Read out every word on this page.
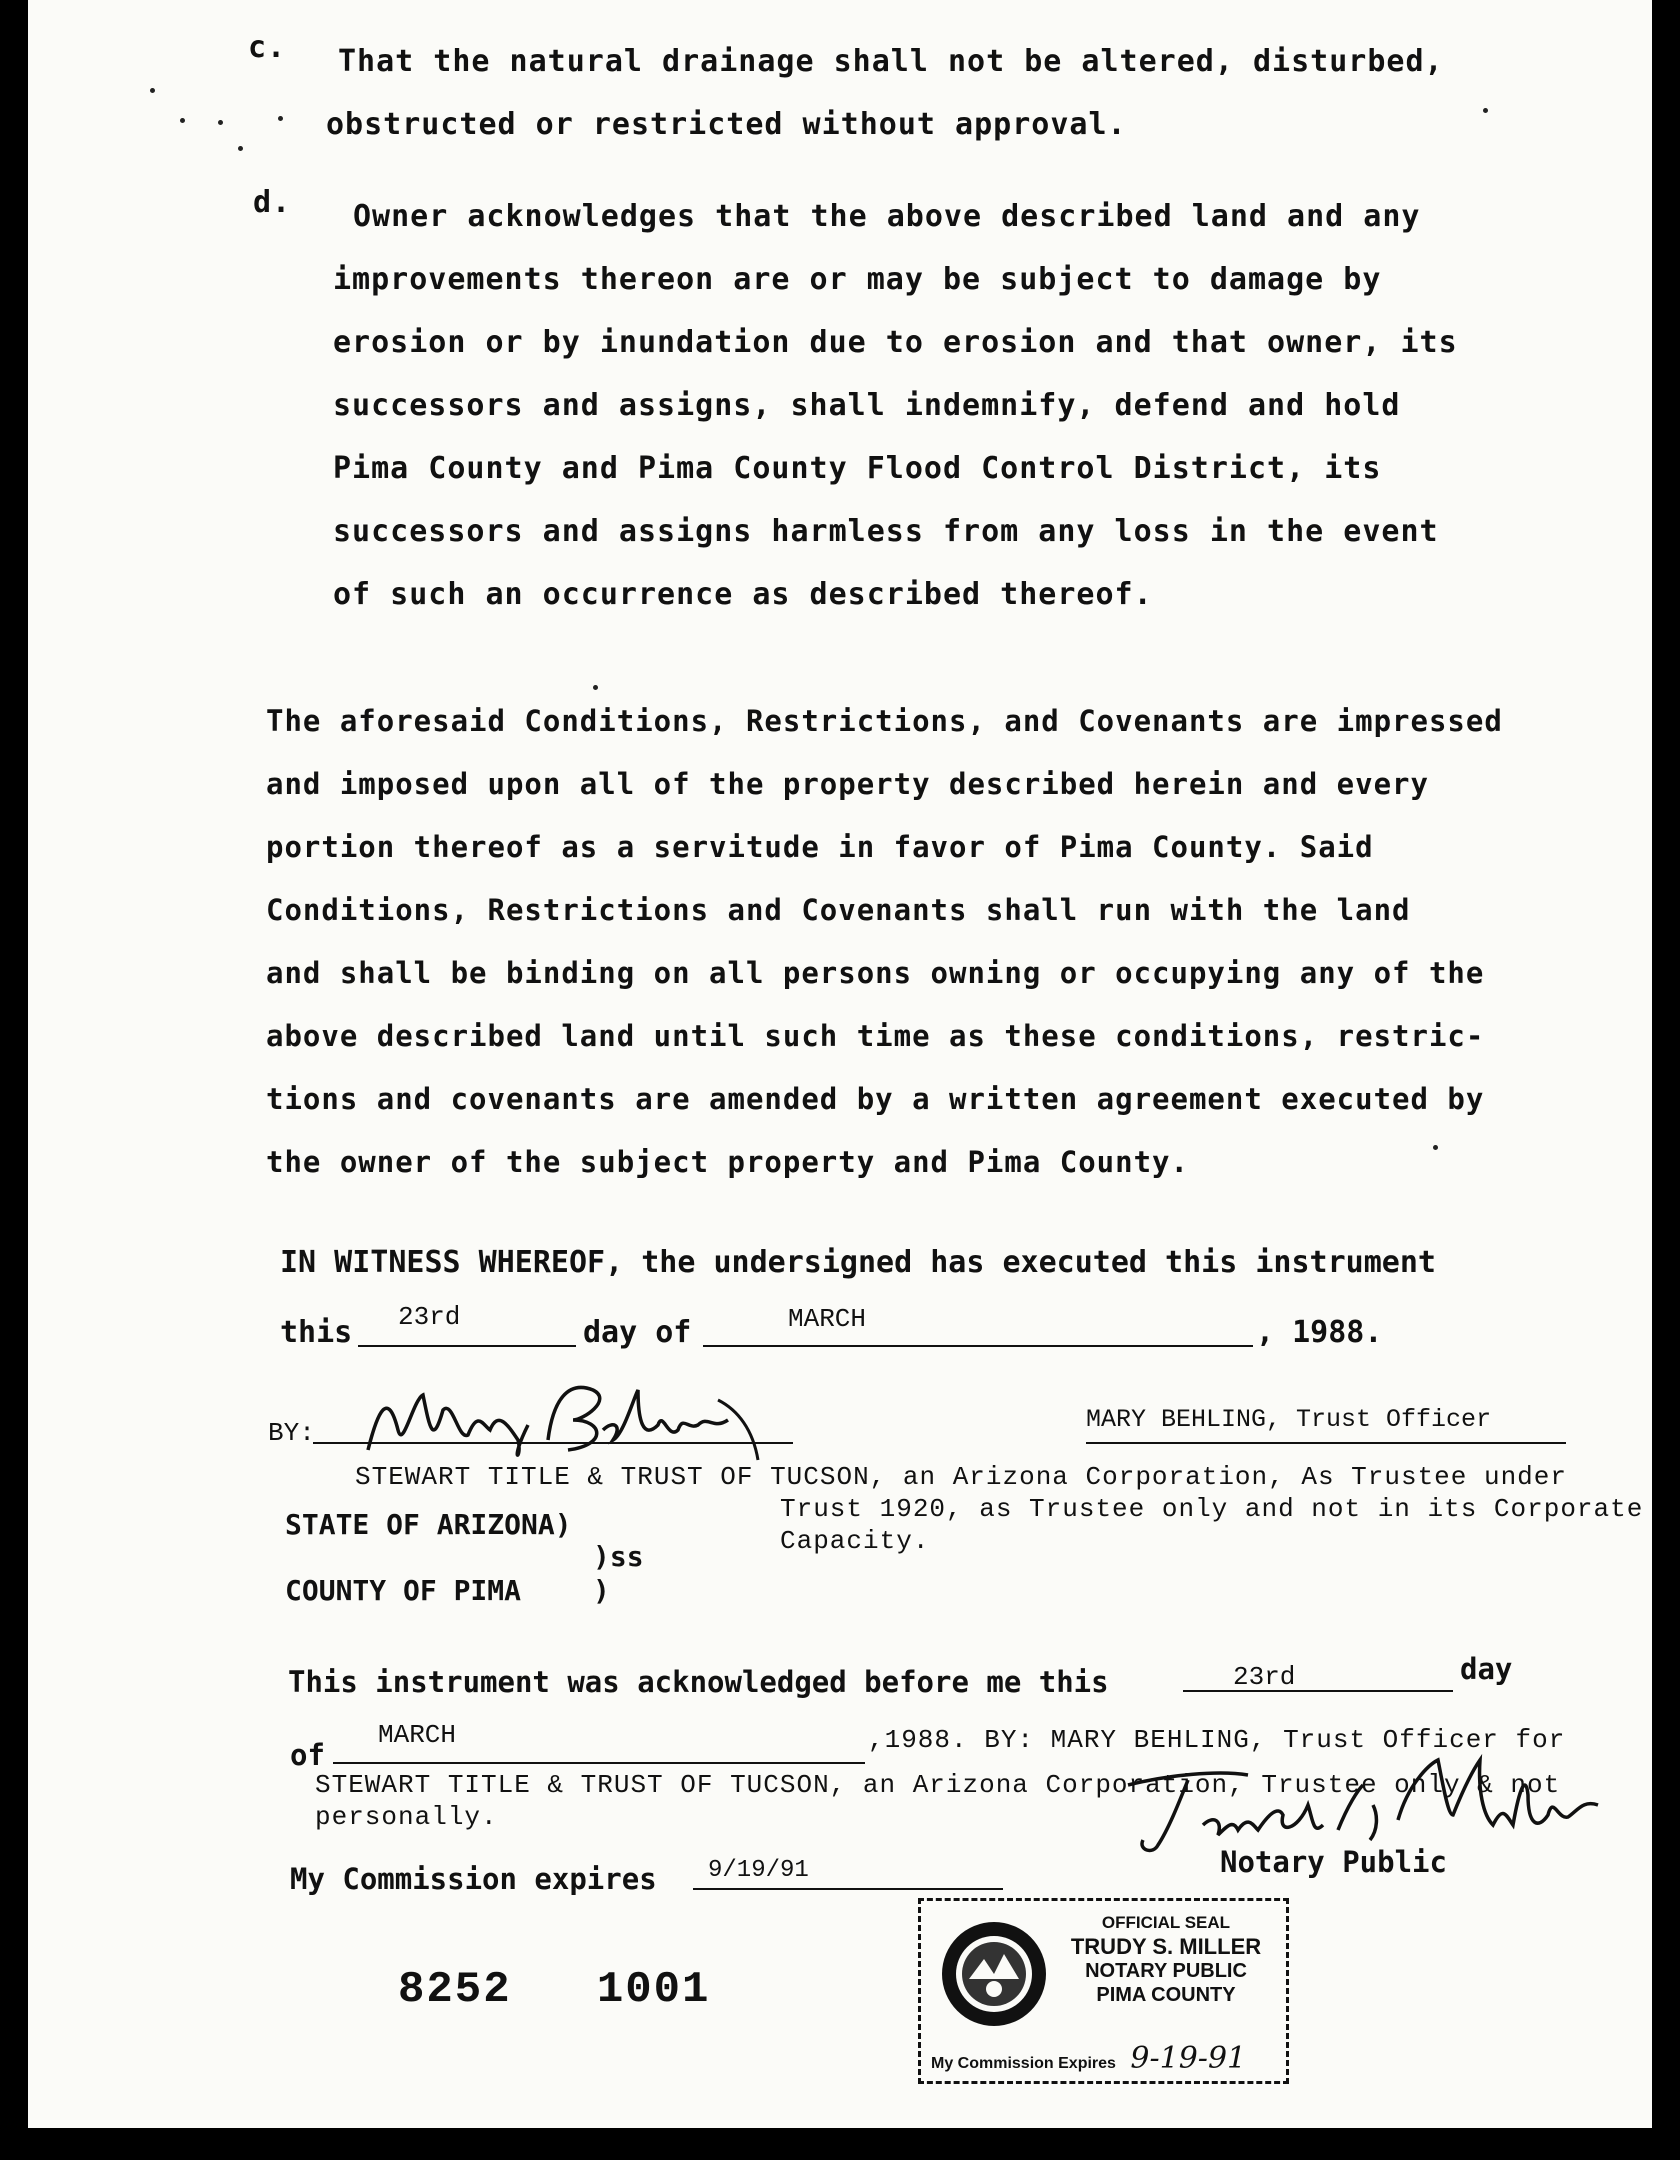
c. That the natural drainage shall not be altered, disturbed,
obstructed or restricted without approval.
d. Owner acknowledges that the above described land and any
improvements thereon are or may be subject to damage by
erosion or by inundation due to erosion and that owner, its
successors and assigns, shall indemnify, defend and hold
Pima County and Pima County Flood Control District, its
successors and assigns harmless from any loss in the event
of such an occurrence as described thereof.
The aforesaid Conditions, Restrictions, and Covenants are impressed
and imposed upon all of the property described herein and every
portion thereof as a servitude in favor of Pima County. Said
Conditions, Restrictions and Covenants shall run with the land
and shall be binding on all persons owning or occupying any of the
above described land until such time as these conditions, restric-
tions and covenants are amended by a written agreement executed by
the owner of the subject property and Pima County.
IN WITNESS WHEREOF, the undersigned has executed this instrument
this 23rd	day of	MARCH	, 1988.
BY:	MARY BEHLING, Trust Officer
STEWART TITLE & TRUST OF TUCSON, an Arizona Corporation, As Trustee under
Trust 1920, as Trustee only and not in its Corporate
Capacity.
STATE OF ARIZONA)
)ss
COUNTY OF PIMA	)
This instrument was acknowledged before me this	23rd	day
of
MARCH	,1988. BY: MARY BEHLING, Trust Officer for
STEWART TITLE & TRUST OF TUCSON, an Arizona Corporation, Trustee only & not
personally.
Notary Public
My Commission expires 9/19/91
OFFICIAL SEAL
TRUDY S. MILLER
NOTARY PUBLIC
PIMA COUNTY
My Commission Expires 9-19-91
8252   1001
